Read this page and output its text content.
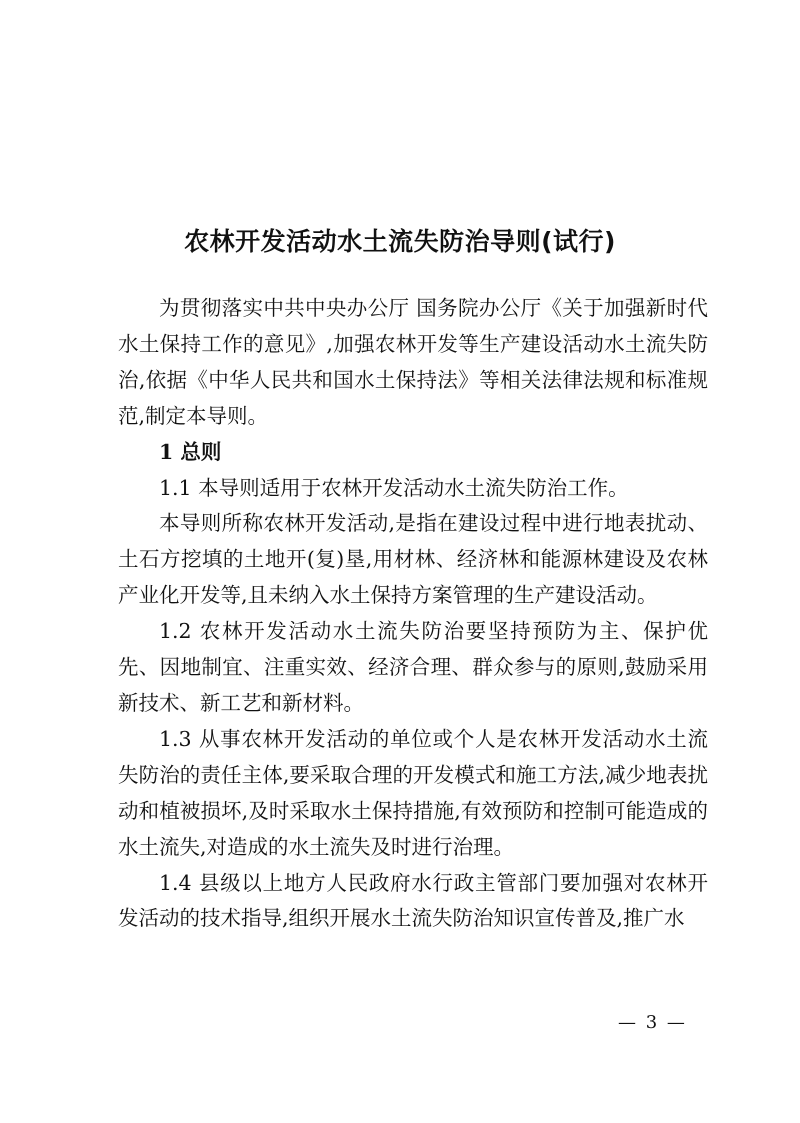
农林开发活动水土流失防治导则(试行)

为贯彻落实中共中央办公厅 国务院办公厅《关于加强新时代水土保持工作的意见》,加强农林开发等生产建设活动水土流失防治,依据《中华人民共和国水土保持法》等相关法律法规和标准规范,制定本导则。

1 总则

1.1 本导则适用于农林开发活动水土流失防治工作。

本导则所称农林开发活动,是指在建设过程中进行地表扰动、土石方挖填的土地开(复)垦,用材林、经济林和能源林建设及农林产业化开发等,且未纳入水土保持方案管理的生产建设活动。

1.2 农林开发活动水土流失防治要坚持预防为主、保护优先、因地制宜、注重实效、经济合理、群众参与的原则,鼓励采用新技术、新工艺和新材料。

1.3 从事农林开发活动的单位或个人是农林开发活动水土流失防治的责任主体,要采取合理的开发模式和施工方法,减少地表扰动和植被损坏,及时采取水土保持措施,有效预防和控制可能造成的水土流失,对造成的水土流失及时进行治理。

1.4 县级以上地方人民政府水行政主管部门要加强对农林开发活动的技术指导,组织开展水土流失防治知识宣传普及,推广水

— 3 —
